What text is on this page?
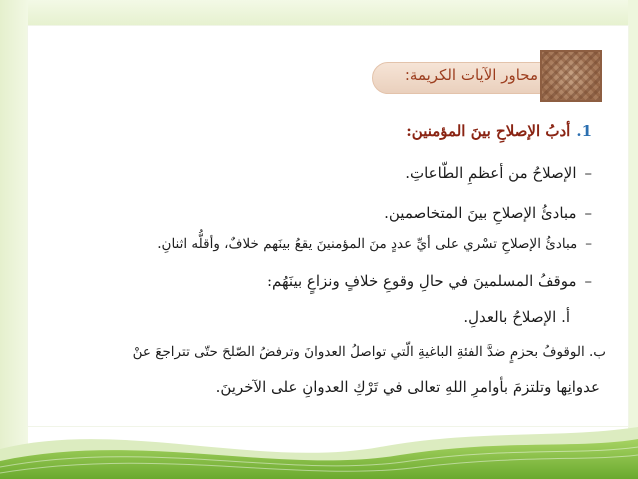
محاور الآيات الكريمة:
1.أدبُ الإصلاحِ بينَ المؤمنين:
–الإصلاحُ من أعظمِ الطّاعاتِ.
–مبادئُ الإصلاحِ بينَ المتخاصمين.
–مبادئُ الإصلاحِ تسْري على أيِّ عددٍ منَ المؤمنينَ يقعُ بينَهم خلافٌ، وأقلُّه اثنانِ.
–موقفُ المسلمينَ في حالِ وقوعِ خلافٍ ونزاعٍ بينَهُم:
أ. الإصلاحُ بالعدلِ.
ب. الوقوفُ بحزمٍ ضدَّ الفئةِ الباغيةِ الّتي تواصلُ العدوانَ وترفضُ الصّلحَ حتّى تتراجعَ عنْ
عدوانِها وتلتزمَ بأوامرِ اللهِ تعالى في تَرْكِ العدوانِ على الآخرينَ.
